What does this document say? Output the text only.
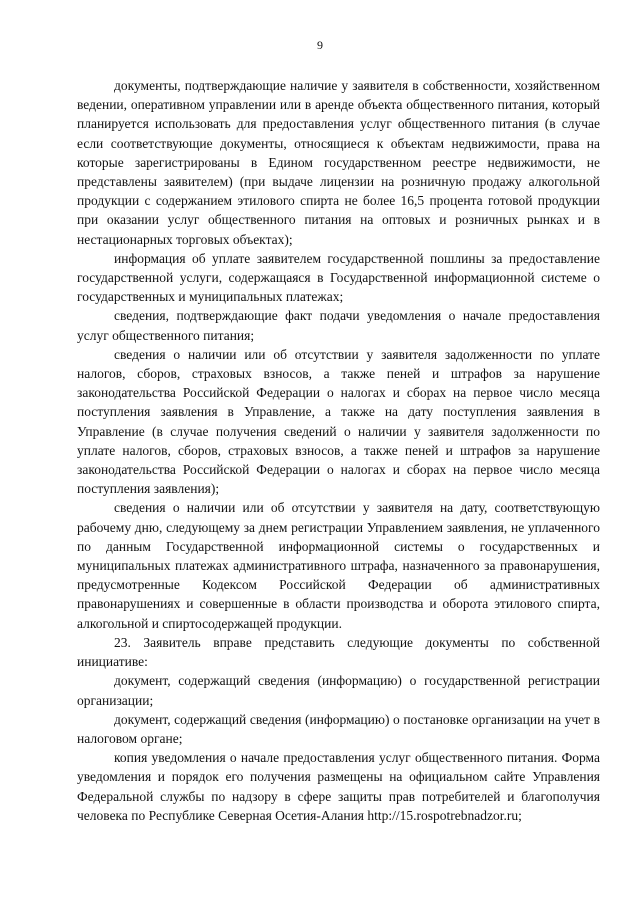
9

документы, подтверждающие наличие у заявителя в собственности, хозяйственном ведении, оперативном управлении или в аренде объекта общественного питания, который планируется использовать для предоставления услуг общественного питания (в случае если соответствующие документы, относящиеся к объектам недвижимости, права на которые зарегистрированы в Едином государственном реестре недвижимости, не представлены заявителем) (при выдаче лицензии на розничную продажу алкогольной продукции с содержанием этилового спирта не более 16,5 процента готовой продукции при оказании услуг общественного питания на оптовых и розничных рынках и в нестационарных торговых объектах);

информация об уплате заявителем государственной пошлины за предоставление государственной услуги, содержащаяся в Государственной информационной системе о государственных и муниципальных платежах;

сведения, подтверждающие факт подачи уведомления о начале предоставления услуг общественного питания;

сведения о наличии или об отсутствии у заявителя задолженности по уплате налогов, сборов, страховых взносов, а также пеней и штрафов за нарушение законодательства Российской Федерации о налогах и сборах на первое число месяца поступления заявления в Управление, а также на дату поступления заявления в Управление (в случае получения сведений о наличии у заявителя задолженности по уплате налогов, сборов, страховых взносов, а также пеней и штрафов за нарушение законодательства Российской Федерации о налогах и сборах на первое число месяца поступления заявления);

сведения о наличии или об отсутствии у заявителя на дату, соответствующую рабочему дню, следующему за днем регистрации Управлением заявления, не уплаченного по данным Государственной информационной системы о государственных и муниципальных платежах административного штрафа, назначенного за правонарушения, предусмотренные Кодексом Российской Федерации об административных правонарушениях и совершенные в области производства и оборота этилового спирта, алкогольной и спиртосодержащей продукции.

23. Заявитель вправе представить следующие документы по собственной инициативе:

документ, содержащий сведения (информацию) о государственной регистрации организации;

документ, содержащий сведения (информацию) о постановке организации на учет в налоговом органе;

копия уведомления о начале предоставления услуг общественного питания. Форма уведомления и порядок его получения размещены на официальном сайте Управления Федеральной службы по надзору в сфере защиты прав потребителей и благополучия человека по Республике Северная Осетия-Алания http://15.rospotrebnadzor.ru;
